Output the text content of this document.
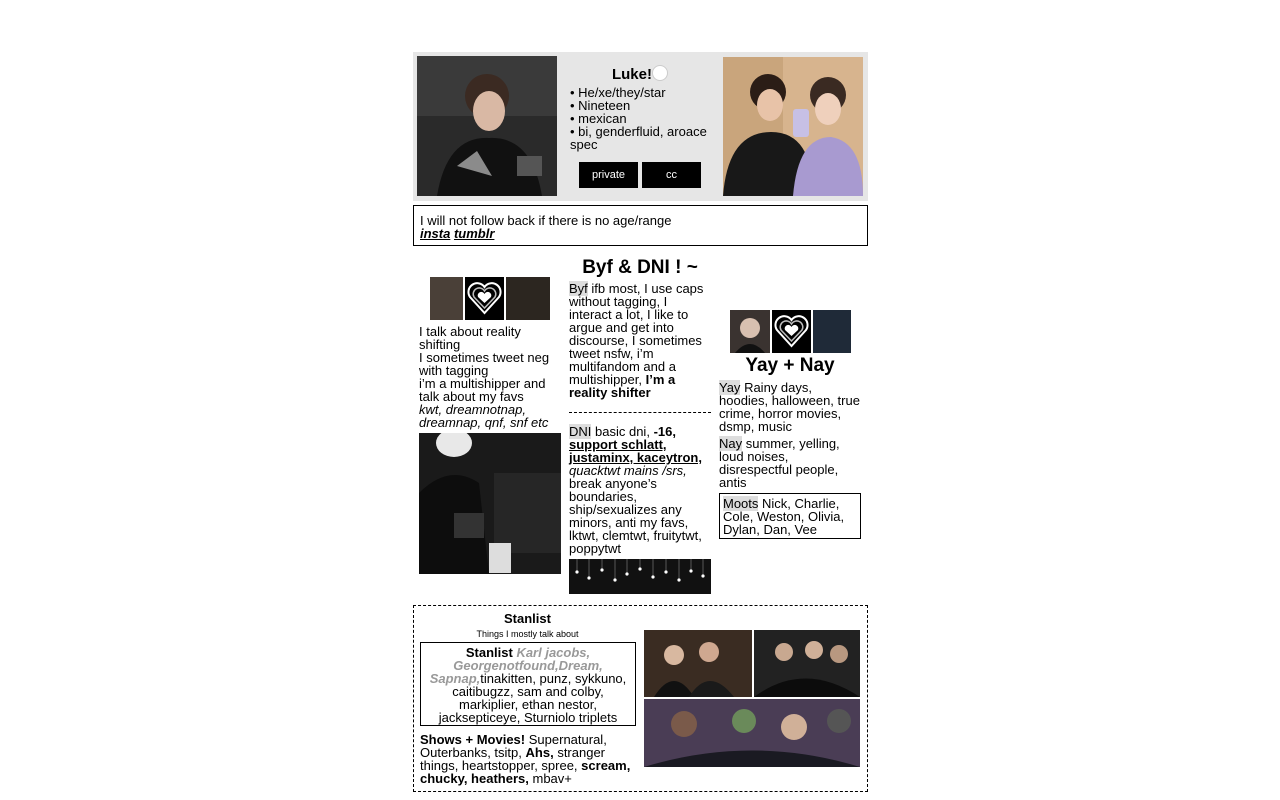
Luke!
• He/xe/they/star
• Nineteen
• mexican
• bi, genderfluid, aroace spec
private	cc
I will not follow back if there is no age/range
insta tumblr
Byf & DNI ! ~
I talk about reality shifting
I sometimes tweet neg with tagging
i’m a multishipper and talk about my favs
kwt, dreamnotnap, dreamnap, qnf, snf etc
Byf ifb most, I use caps without tagging, I interact a lot, I like to argue and get into discourse, I sometimes tweet nsfw, i’m multifandom and a multishipper, I’m a reality shifter
DNI basic dni, -16, support schlatt, justaminx, kaceytron, quacktwt mains /srs, break anyone’s boundaries, ship/sexualizes any minors, anti my favs, lktwt, clemtwt, fruitytwt, poppytwt
Yay + Nay
Yay Rainy days, hoodies, halloween, true crime, horror movies, dsmp, music
Nay summer, yelling, loud noises, disrespectful people, antis
Moots Nick, Charlie, Cole, Weston, Olivia, Dylan, Dan, Vee
Stanlist
Things I mostly talk about
Stanlist Karl jacobs, Georgenotfound,Dream, Sapnap,tinakitten, punz, sykkuno, caitibugzz, sam and colby, markiplier, ethan nestor, jacksepticeye, Sturniolo triplets
Shows + Movies! Supernatural, Outerbanks, tsitp, Ahs, stranger things, heartstopper, spree, scream, chucky, heathers, mbav+
